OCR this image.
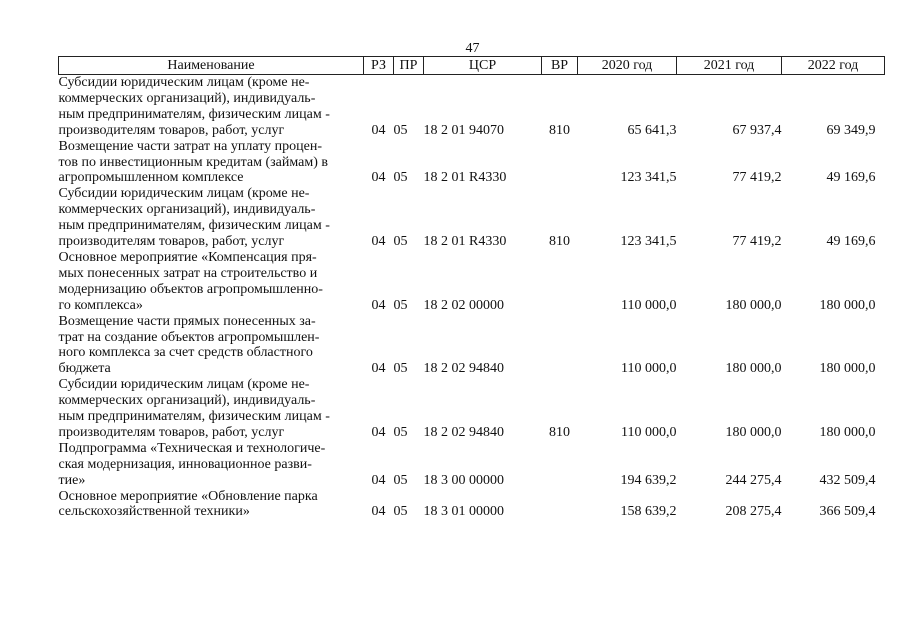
47
Наименование	РЗ	ПР	ЦСР	ВР	2020 год	2021 год	2022 год

Субсидии юридическим лицам (кроме не-
коммерческих организаций), индивидуаль-
ным предпринимателям, физическим лицам -
производителям товаров, работ, услуг	04	05	18 2 01 94070	810	65 641,3	67 937,4	69 349,9

Возмещение части затрат на уплату процен-
тов по инвестиционным кредитам (займам) в
агропромышленном комплексе	04	05	18 2 01 R4330		123 341,5	77 419,2	49 169,6

Субсидии юридическим лицам (кроме не-
коммерческих организаций), индивидуаль-
ным предпринимателям, физическим лицам -
производителям товаров, работ, услуг	04	05	18 2 01 R4330	810	123 341,5	77 419,2	49 169,6

Основное мероприятие «Компенсация пря-
мых понесенных затрат на строительство и
модернизацию объектов агропромышленно-
го комплекса»	04	05	18 2 02 00000		110 000,0	180 000,0	180 000,0

Возмещение части прямых понесенных за-
трат на создание объектов агропромышлен-
ного комплекса за счет средств областного
бюджета	04	05	18 2 02 94840		110 000,0	180 000,0	180 000,0

Субсидии юридическим лицам (кроме не-
коммерческих организаций), индивидуаль-
ным предпринимателям, физическим лицам -
производителям товаров, работ, услуг	04	05	18 2 02 94840	810	110 000,0	180 000,0	180 000,0

Подпрограмма «Техническая и технологиче-
ская модернизация, инновационное разви-
тие»	04	05	18 3 00 00000		194 639,2	244 275,4	432 509,4

Основное мероприятие «Обновление парка
сельскохозяйственной техники»	04	05	18 3 01 00000		158 639,2	208 275,4	366 509,4
